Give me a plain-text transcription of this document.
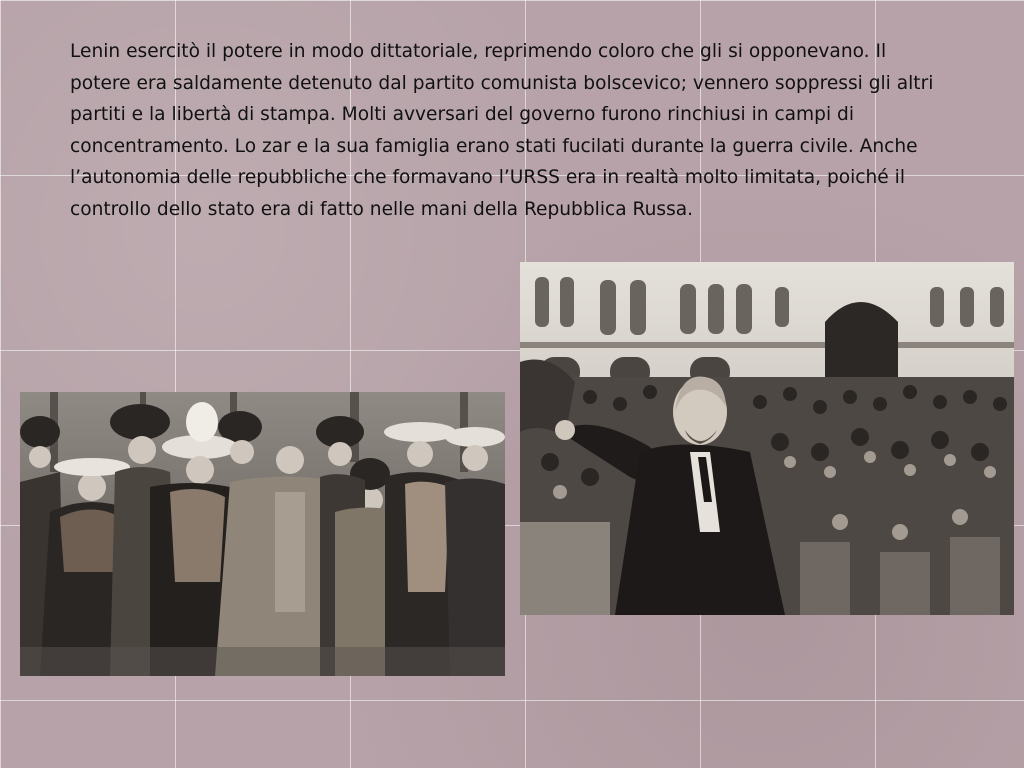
Lenin esercitò il potere in modo dittatoriale, reprimendo coloro che gli si opponevano. Il potere era saldamente detenuto dal partito comunista bolscevico; vennero soppressi gli altri partiti e la libertà di stampa. Molti avversari del governo furono rinchiusi in campi di concentramento. Lo zar e la sua famiglia erano stati fucilati durante la guerra civile. Anche l’autonomia delle repubbliche che formavano l’URSS era in realtà molto limitata, poiché il controllo dello stato era di fatto nelle mani della Repubblica Russa.
